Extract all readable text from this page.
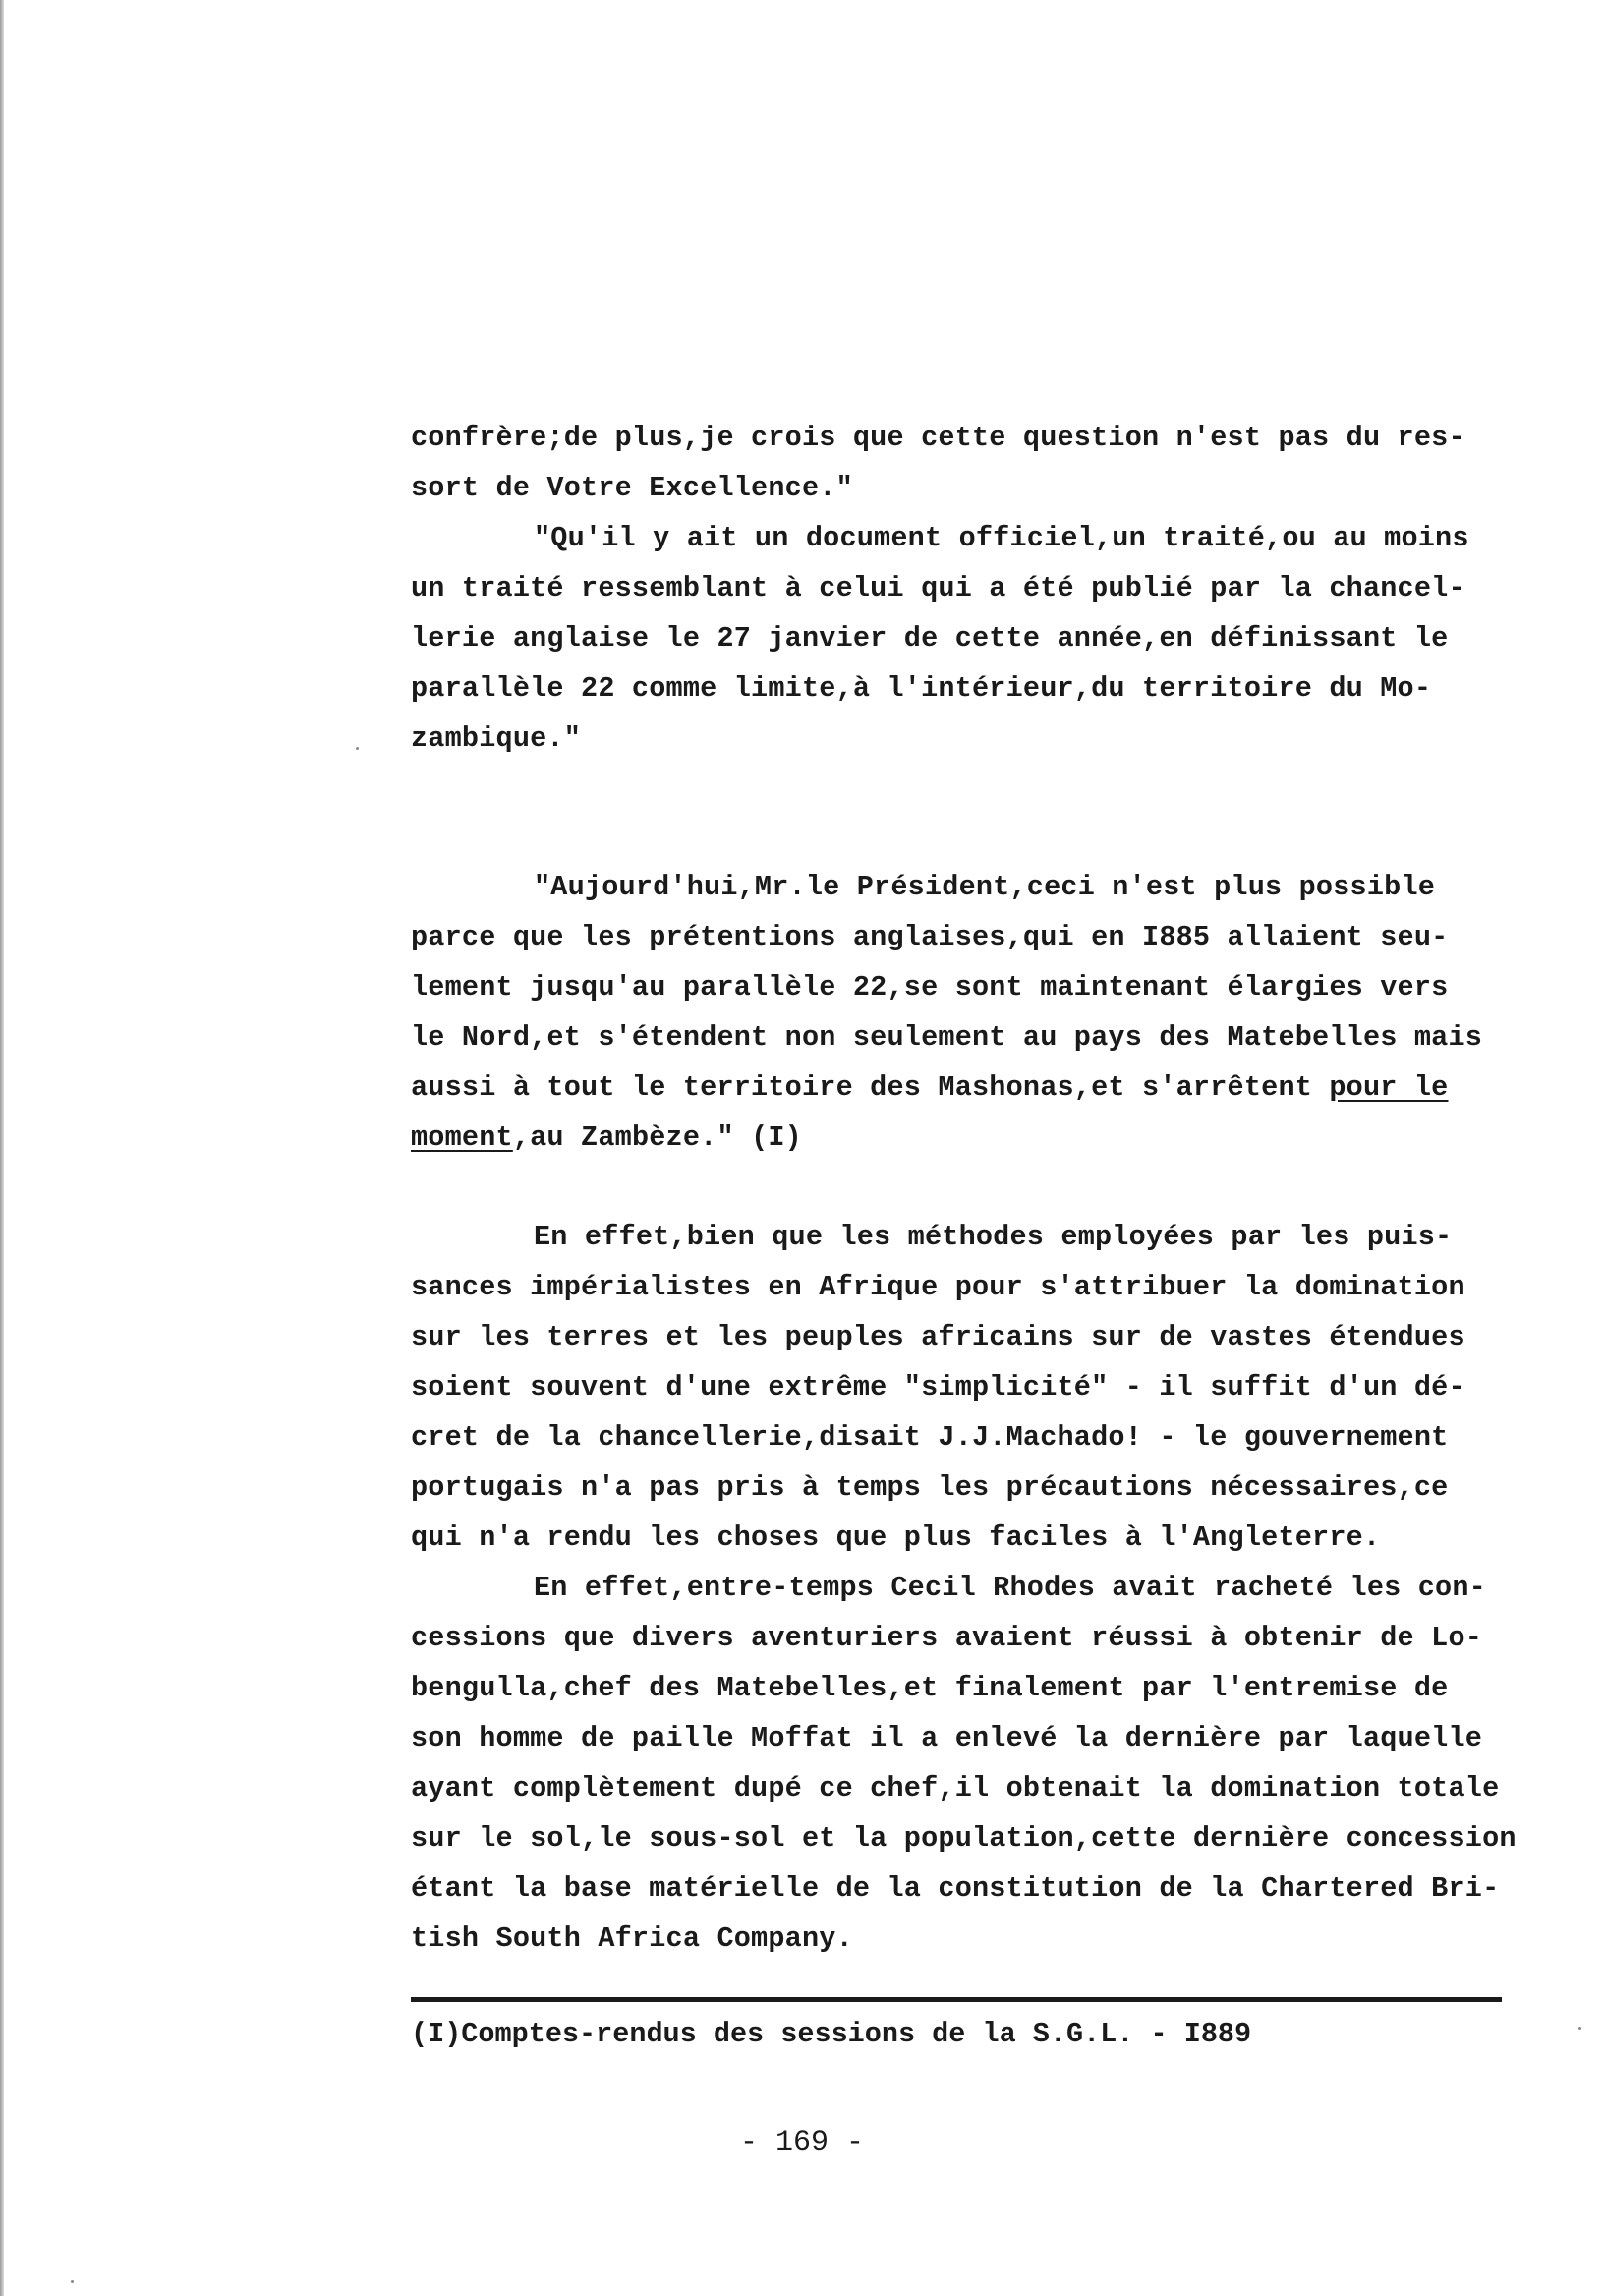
confrère;de plus,je crois que cette question n'est pas du res-
sort de Votre Excellence."
"Qu'il y ait un document officiel,un traité,ou au moins
un traité ressemblant à celui qui a été publié par la chancel-
lerie anglaise le 27 janvier de cette année,en définissant le
parallèle 22 comme limite,à l'intérieur,du territoire du Mo-
zambique."
"Aujourd'hui,Mr.le Président,ceci n'est plus possible
parce que les prétentions anglaises,qui en I885 allaient seu-
lement jusqu'au parallèle 22,se sont maintenant élargies vers
le Nord,et s'étendent non seulement au pays des Matebelles mais
aussi à tout le territoire des Mashonas,et s'arrêtent pour le
moment,au Zambèze." (I)
En effet,bien que les méthodes employées par les puis-
sances impérialistes en Afrique pour s'attribuer la domination
sur les terres et les peuples africains sur de vastes étendues
soient souvent d'une extrême "simplicité" - il suffit d'un dé-
cret de la chancellerie,disait J.J.Machado! - le gouvernement
portugais n'a pas pris à temps les précautions nécessaires,ce
qui n'a rendu les choses que plus faciles à l'Angleterre.
En effet,entre-temps Cecil Rhodes avait racheté les con-
cessions que divers aventuriers avaient réussi à obtenir de Lo-
bengulla,chef des Matebelles,et finalement par l'entremise de
son homme de paille Moffat il a enlevé la dernière par laquelle
ayant complètement dupé ce chef,il obtenait la domination totale
sur le sol,le sous-sol et la population,cette dernière concession
étant la base matérielle de la constitution de la Chartered Bri-
tish South Africa Company.
(I)Comptes-rendus des sessions de la S.G.L. - I889
- 169 -
